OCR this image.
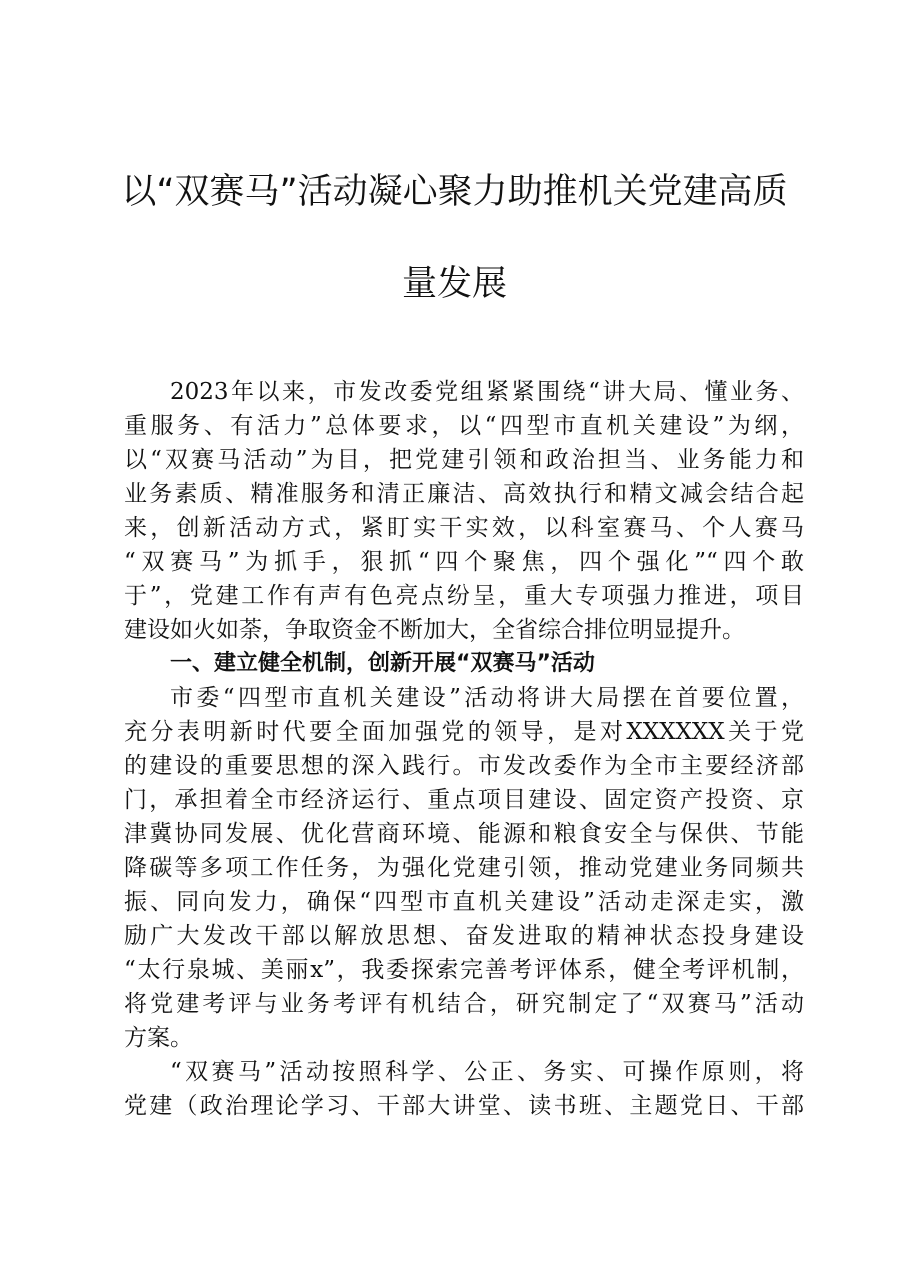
以“双赛马”活动凝心聚力助推机关党建高质
量发展
2023年以来，市发改委党组紧紧围绕“讲大局、懂业务、
重服务、有活力”总体要求，以“四型市直机关建设”为纲，
以“双赛马活动”为目，把党建引领和政治担当、业务能力和
业务素质、精准服务和清正廉洁、高效执行和精文减会结合起
来，创新活动方式，紧盯实干实效，以科室赛马、个人赛马
“双赛马”为抓手，狠抓“四个聚焦，四个强化”“四个敢
于”，党建工作有声有色亮点纷呈，重大专项强力推进，项目
建设如火如荼，争取资金不断加大，全省综合排位明显提升。
一、建立健全机制，创新开展“双赛马”活动
市委“四型市直机关建设”活动将讲大局摆在首要位置，
充分表明新时代要全面加强党的领导，是对XXXXXX关于党
的建设的重要思想的深入践行。市发改委作为全市主要经济部
门，承担着全市经济运行、重点项目建设、固定资产投资、京
津冀协同发展、优化营商环境、能源和粮食安全与保供、节能
降碳等多项工作任务，为强化党建引领，推动党建业务同频共
振、同向发力，确保“四型市直机关建设”活动走深走实，激
励广大发改干部以解放思想、奋发进取的精神状态投身建设
“太行泉城、美丽x”，我委探索完善考评体系，健全考评机制，
将党建考评与业务考评有机结合，研究制定了“双赛马”活动
方案。
“双赛马”活动按照科学、公正、务实、可操作原则，将
党建（政治理论学习、干部大讲堂、读书班、主题党日、干部
